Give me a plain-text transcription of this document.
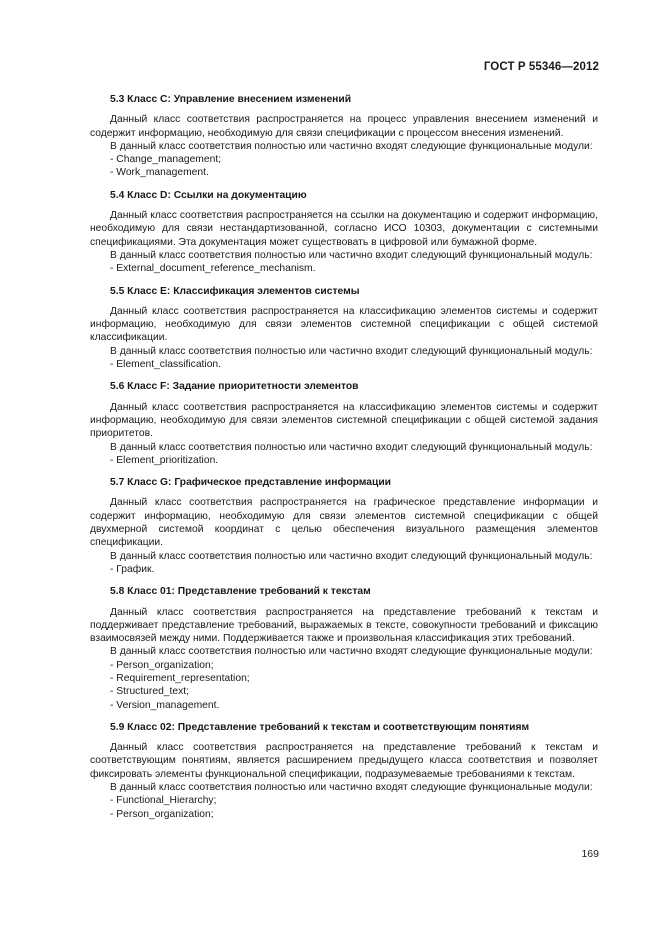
ГОСТ Р 55346—2012

5.3 Класс C: Управление внесением изменений

Данный класс соответствия распространяется на процесс управления внесением изменений и содержит информацию, необходимую для связи спецификации с процессом внесения изменений.

В данный класс соответствия полностью или частично входят следующие функциональные модули:

- Change_management;

- Work_management.

5.4 Класс D: Ссылки на документацию

Данный класс соответствия распространяется на ссылки на документацию и содержит информацию, необходимую для связи нестандартизованной, согласно ИСО 10303, документации с системными спецификациями. Эта документация может существовать в цифровой или бумажной форме.

В данный класс соответствия полностью или частично входит следующий функциональный модуль:

- External_document_reference_mechanism.

5.5 Класс E: Классификация элементов системы

Данный класс соответствия распространяется на классификацию элементов системы и содержит информацию, необходимую для связи элементов системной спецификации с общей системой классификации.

В данный класс соответствия полностью или частично входит следующий функциональный модуль:

- Element_classification.

5.6 Класс F: Задание приоритетности элементов

Данный класс соответствия распространяется на классификацию элементов системы и содержит информацию, необходимую для связи элементов системной спецификации с общей системой задания приоритетов.

В данный класс соответствия полностью или частично входит следующий функциональный модуль:

- Element_prioritization.

5.7 Класс G: Графическое представление информации

Данный класс соответствия распространяется на графическое представление информации и содержит информацию, необходимую для связи элементов системной спецификации с общей двухмерной системой координат с целью обеспечения визуального размещения элементов спецификации.

В данный класс соответствия полностью или частично входит следующий функциональный модуль:

- График.

5.8 Класс 01: Представление требований к текстам

Данный класс соответствия распространяется на представление требований к текстам и поддерживает представление требований, выражаемых в тексте, совокупности требований и фиксацию взаимосвязей между ними. Поддерживается также и произвольная классификация этих требований.

В данный класс соответствия полностью или частично входят следующие функциональные модули:

- Person_organization;

- Requirement_representation;

- Structured_text;

- Version_management.

5.9 Класс 02: Представление требований к текстам и соответствующим понятиям

Данный класс соответствия распространяется на представление требований к текстам и соответствующим понятиям, является расширением предыдущего класса соответствия и позволяет фиксировать элементы функциональной спецификации, подразумеваемые требованиями к текстам.

В данный класс соответствия полностью или частично входят следующие функциональные модули:

- Functional_Hierarchy;

- Person_organization;

169
